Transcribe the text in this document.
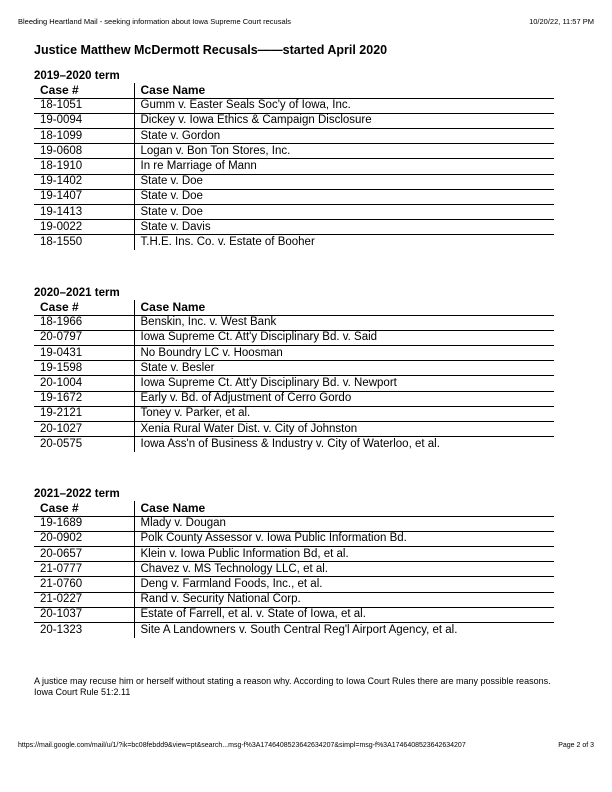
Bleeding Heartland Mail - seeking information about Iowa Supreme Court recusals	10/20/22, 11:57 PM
Justice Matthew McDermott Recusals——started April 2020
2019–2020 term
Case #	Case Name
18-1051	Gumm v. Easter Seals Soc'y of Iowa, Inc.
19-0094	Dickey v. Iowa Ethics & Campaign Disclosure
18-1099	State v. Gordon
19-0608	Logan v. Bon Ton Stores, Inc.
18-1910	In re Marriage of Mann
19-1402	State v. Doe
19-1407	State v. Doe
19-1413	State v. Doe
19-0022	State v. Davis
18-1550	T.H.E. Ins. Co. v. Estate of Booher
2020–2021 term
Case #	Case Name
18-1966	Benskin, Inc. v. West Bank
20-0797	Iowa Supreme Ct. Att'y Disciplinary Bd. v. Said
19-0431	No Boundry LC v. Hoosman
19-1598	State v. Besler
20-1004	Iowa Supreme Ct. Att'y Disciplinary Bd. v. Newport
19-1672	Early v. Bd. of Adjustment of Cerro Gordo
19-2121	Toney v. Parker, et al.
20-1027	Xenia Rural Water Dist. v. City of Johnston
20-0575	Iowa Ass'n of Business & Industry v. City of Waterloo, et al.
2021–2022 term
Case #	Case Name
19-1689	Mlady v. Dougan
20-0902	Polk County Assessor v. Iowa Public Information Bd.
20-0657	Klein v. Iowa Public Information Bd, et al.
21-0777	Chavez v. MS Technology LLC, et al.
21-0760	Deng v. Farmland Foods, Inc., et al.
21-0227	Rand v. Security National Corp.
20-1037	Estate of Farrell, et al. v. State of Iowa, et al.
20-1323	Site A Landowners v. South Central Reg'l Airport Agency, et al.
A justice may recuse him or herself without stating a reason why. According to Iowa Court Rules there are many possible reasons.
Iowa Court Rule 51:2.11
https://mail.google.com/mail/u/1/?ik=bc08febdd9&view=pt&search...msg-f%3A1746408523642634207&simpl=msg-f%3A1746408523642634207	Page 2 of 3
